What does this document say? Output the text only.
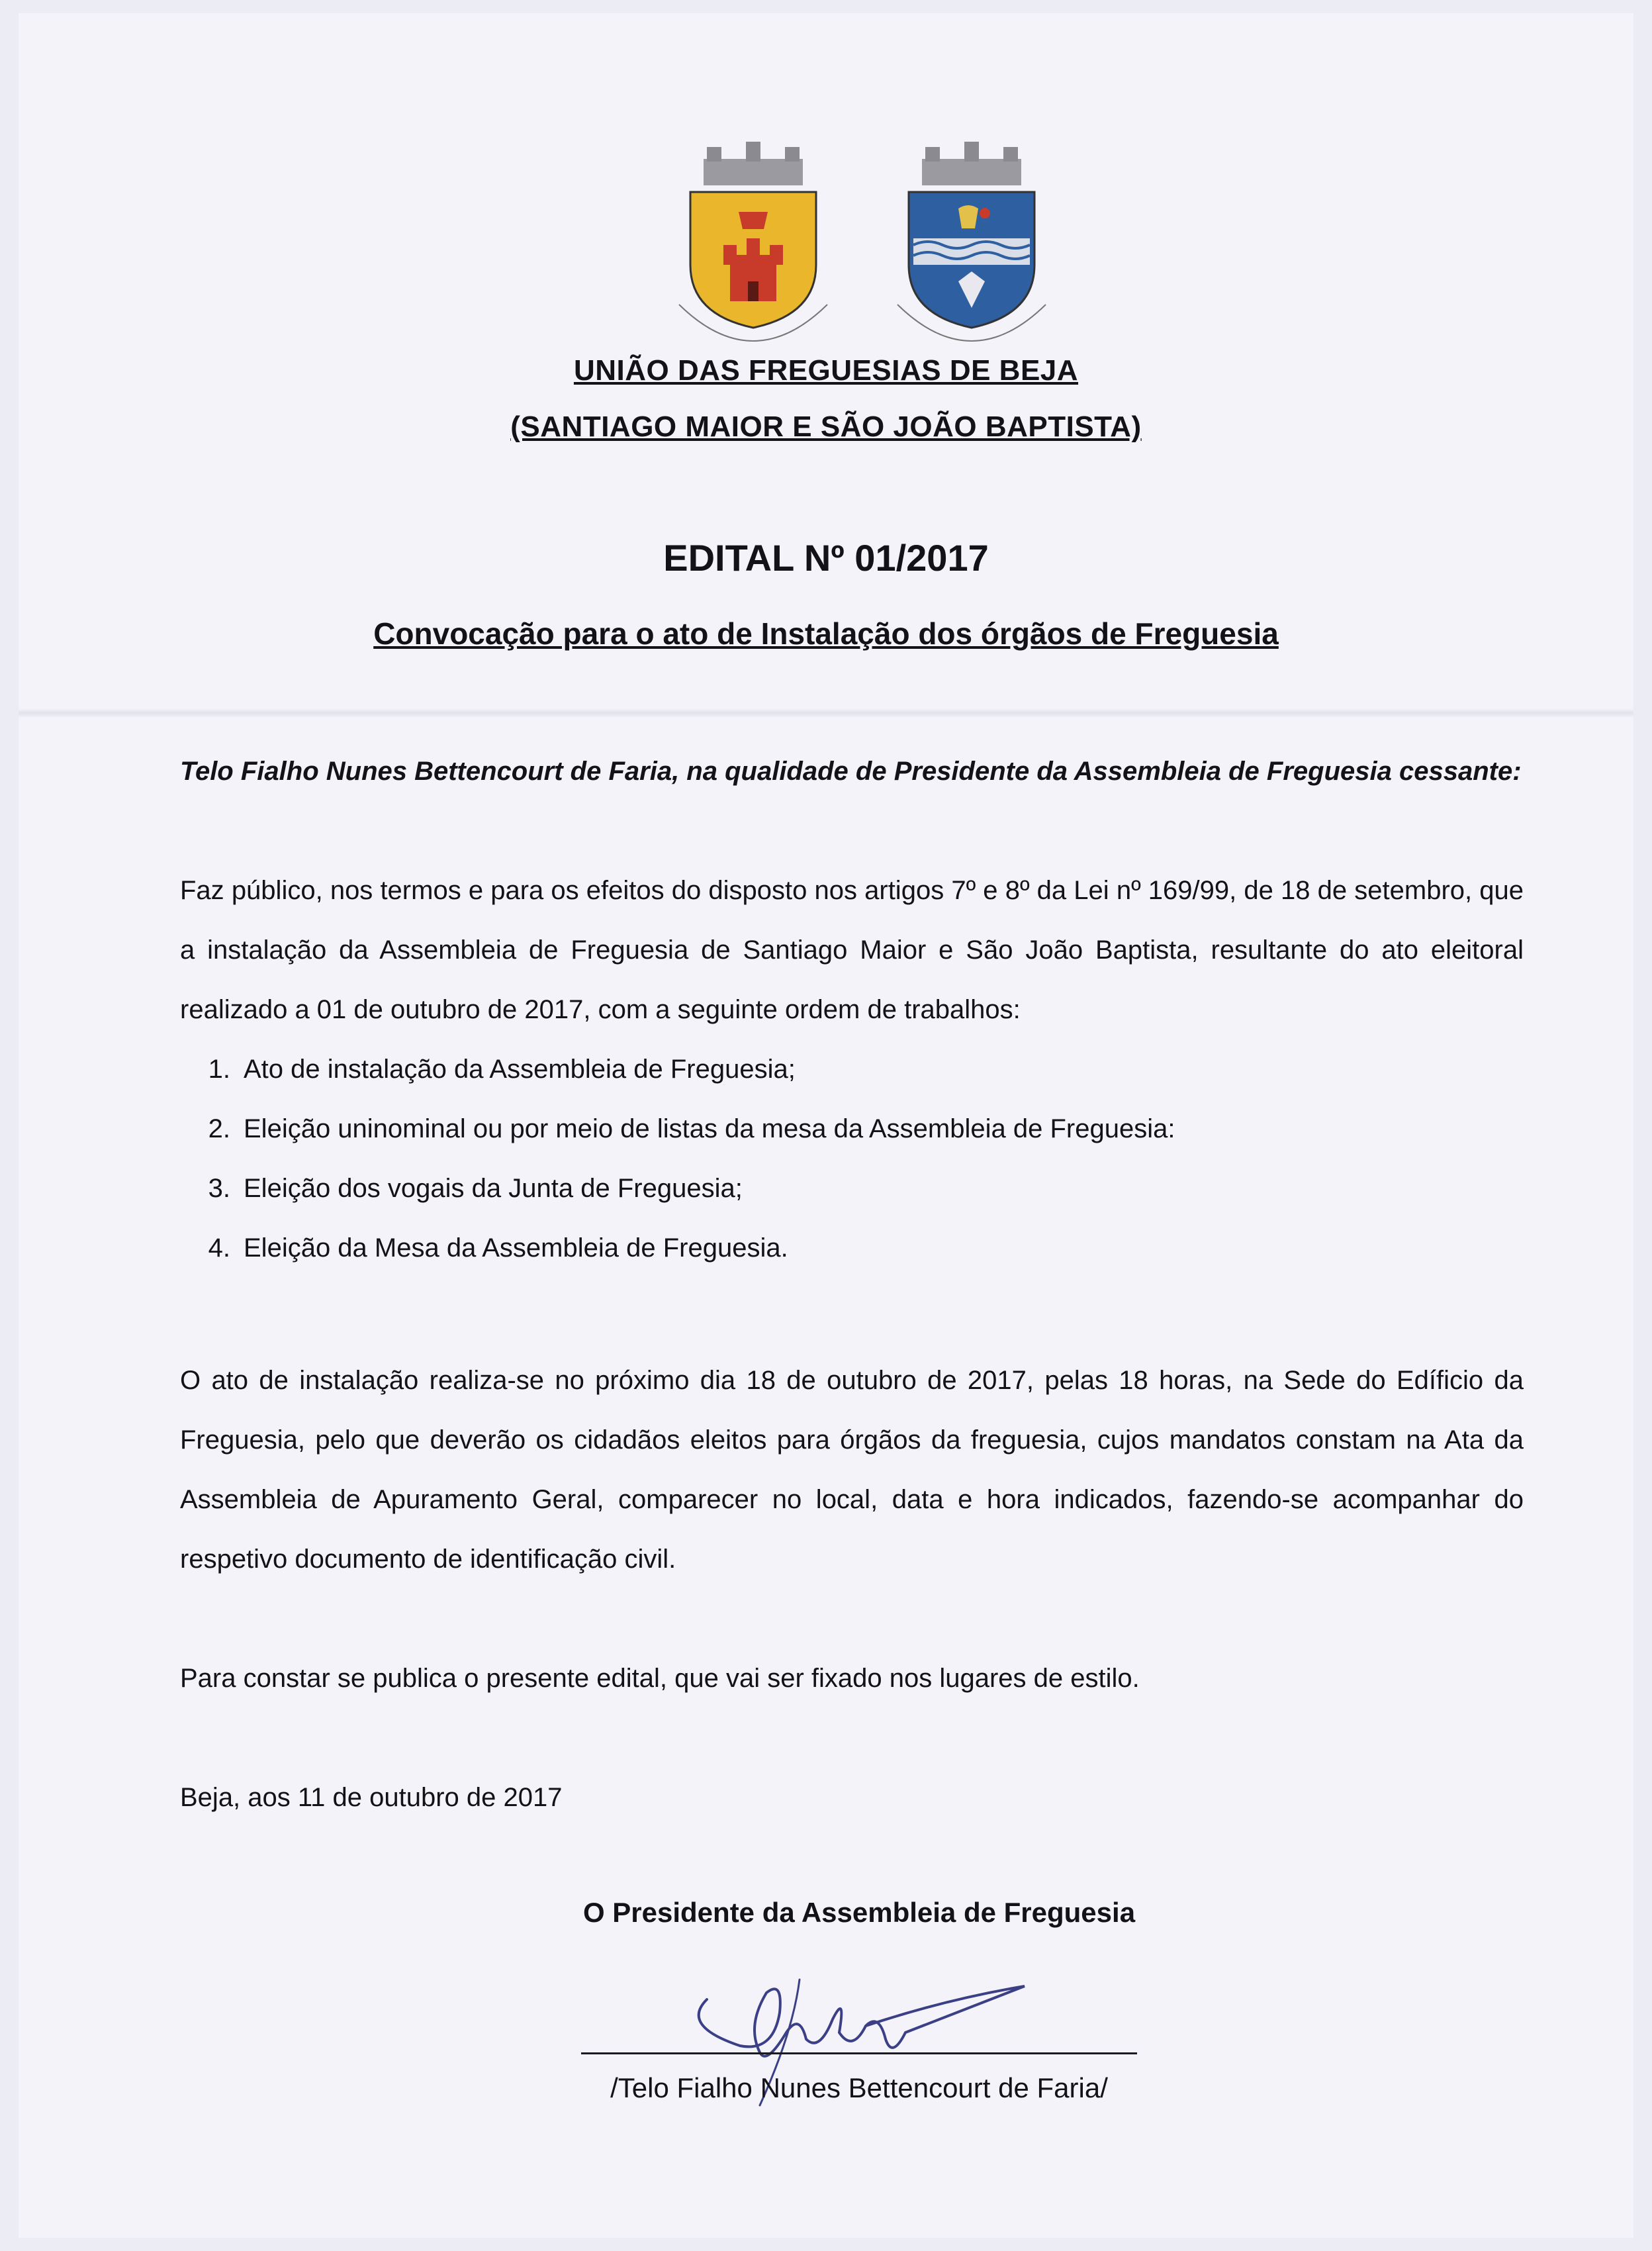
UNIÃO DAS FREGUESIAS DE BEJA
(SANTIAGO MAIOR E SÃO JOÃO BAPTISTA)
EDITAL Nº 01/2017
Convocação para o ato de Instalação dos órgãos de Freguesia
Telo Fialho Nunes Bettencourt de Faria, na qualidade de Presidente da Assembleia de Freguesia cessante:
Faz público, nos termos e para os efeitos do disposto nos artigos 7º e 8º da Lei nº 169/99, de 18 de setembro, que a instalação da Assembleia de Freguesia de Santiago Maior e São João Baptista, resultante do ato eleitoral realizado a 01 de outubro de 2017, com a seguinte ordem de trabalhos:
1. Ato de instalação da Assembleia de Freguesia;
2. Eleição uninominal ou por meio de listas da mesa da Assembleia de Freguesia:
3. Eleição dos vogais da Junta de Freguesia;
4. Eleição da Mesa da Assembleia de Freguesia.
O ato de instalação realiza-se no próximo dia 18 de outubro de 2017, pelas 18 horas, na Sede do Edíficio da Freguesia, pelo que deverão os cidadãos eleitos para órgãos da freguesia, cujos mandatos constam na Ata da Assembleia de Apuramento Geral, comparecer no local, data e hora indicados, fazendo-se acompanhar do respetivo documento de identificação civil.
Para constar se publica o presente edital, que vai ser fixado nos lugares de estilo.
Beja, aos 11 de outubro de 2017
O Presidente da Assembleia de Freguesia
/Telo Fialho Nunes Bettencourt de Faria/
